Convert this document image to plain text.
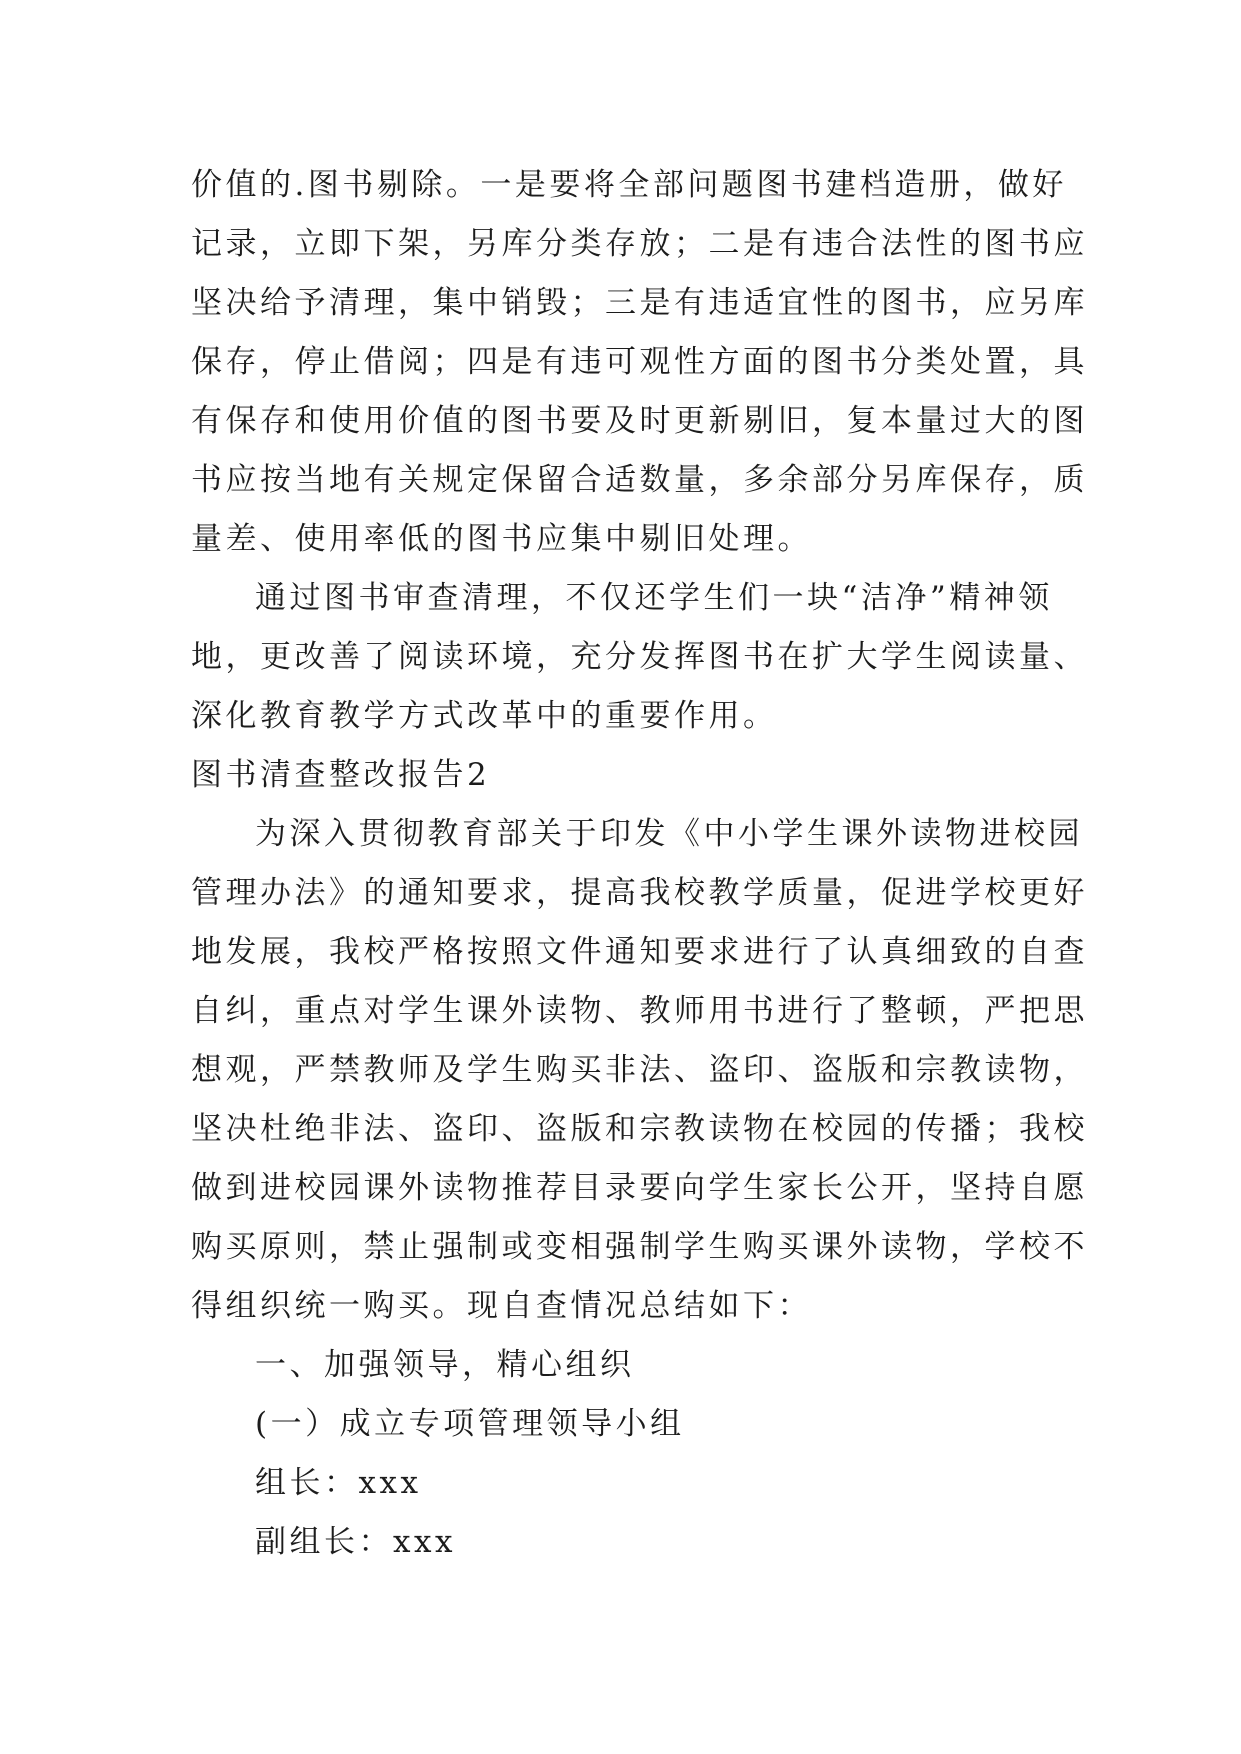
价值的.图书剔除。一是要将全部问题图书建档造册，做好
记录，立即下架，另库分类存放；二是有违合法性的图书应
坚决给予清理，集中销毁；三是有违适宜性的图书，应另库
保存，停止借阅；四是有违可观性方面的图书分类处置，具
有保存和使用价值的图书要及时更新剔旧，复本量过大的图
书应按当地有关规定保留合适数量，多余部分另库保存，质
量差、使用率低的图书应集中剔旧处理。
通过图书审查清理，不仅还学生们一块“洁净”精神领
地，更改善了阅读环境，充分发挥图书在扩大学生阅读量、
深化教育教学方式改革中的重要作用。
图书清查整改报告2
为深入贯彻教育部关于印发《中小学生课外读物进校园
管理办法》的通知要求，提高我校教学质量，促进学校更好
地发展，我校严格按照文件通知要求进行了认真细致的自查
自纠，重点对学生课外读物、教师用书进行了整顿，严把思
想观，严禁教师及学生购买非法、盗印、盗版和宗教读物，
坚决杜绝非法、盗印、盗版和宗教读物在校园的传播；我校
做到进校园课外读物推荐目录要向学生家长公开，坚持自愿
购买原则，禁止强制或变相强制学生购买课外读物，学校不
得组织统一购买。现自查情况总结如下：
一、加强领导，精心组织
(一）成立专项管理领导小组
组长：xxx
副组长：xxx
